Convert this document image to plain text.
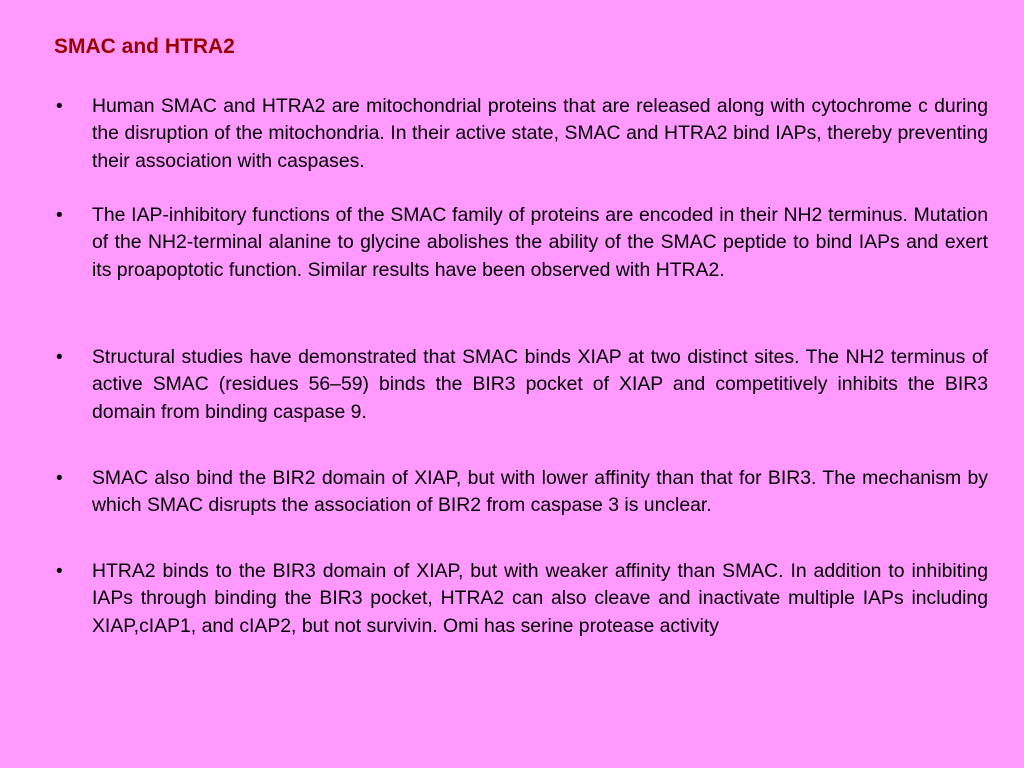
SMAC and HTRA2
• Human SMAC and HTRA2 are mitochondrial proteins that are released along with cytochrome c during the disruption of the mitochondria. In their active state, SMAC and HTRA2 bind IAPs, thereby preventing their association with caspases.
• The IAP-inhibitory functions of the SMAC family of proteins are encoded in their NH2 terminus. Mutation of the NH2-terminal alanine to glycine abolishes the ability of the SMAC peptide to bind IAPs and exert its proapoptotic function. Similar results have been observed with HTRA2.
• Structural studies have demonstrated that SMAC binds XIAP at two distinct sites. The NH2 terminus of active SMAC (residues 56–59) binds the BIR3 pocket of XIAP and competitively inhibits the BIR3 domain from binding caspase 9.
• SMAC also bind the BIR2 domain of XIAP, but with lower affinity than that for BIR3. The mechanism by which SMAC disrupts the association of BIR2 from caspase 3 is unclear.
• HTRA2 binds to the BIR3 domain of XIAP, but with weaker affinity than SMAC. In addition to inhibiting IAPs through binding the BIR3 pocket, HTRA2 can also cleave and inactivate multiple IAPs including XIAP,cIAP1, and cIAP2, but not survivin. Omi has serine protease activity
